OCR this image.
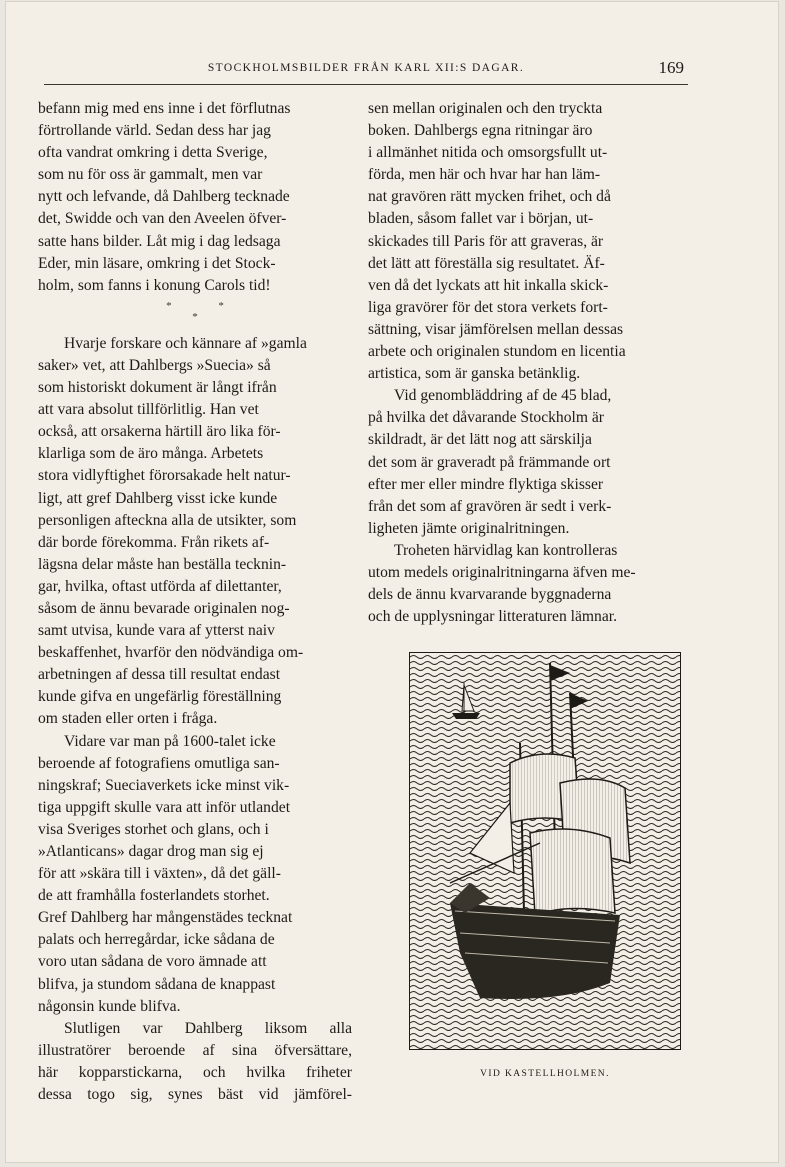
STOCKHOLMSBILDER FRÅN KARL XII:S DAGAR.	169

befann mig med ens inne i det förflutnas
förtrollande värld. Sedan dess har jag
ofta vandrat omkring i detta Sverige,
som nu för oss är gammalt, men var
nytt och lefvande, då Dahlberg tecknade
det, Swidde och van den Aveelen öfver-
satte hans bilder. Låt mig i dag ledsaga
Eder, min läsare, omkring i det Stock-
holm, som fanns i konung Carols tid!

* *
*

Hvarje forskare och kännare af »gamla
saker» vet, att Dahlbergs »Suecia» så
som historiskt dokument är långt ifrån
att vara absolut tillförlitlig. Han vet
också, att orsakerna härtill äro lika för-
klarliga som de äro många. Arbetets
stora vidlyftighet förorsakade helt natur-
ligt, att gref Dahlberg visst icke kunde
personligen afteckna alla de utsikter, som
där borde förekomma. Från rikets af-
lägsna delar måste han beställa tecknin-
gar, hvilka, oftast utförda af dilettanter,
såsom de ännu bevarade originalen nog-
samt utvisa, kunde vara af ytterst naiv
beskaffenhet, hvarför den nödvändiga om-
arbetningen af dessa till resultat endast
kunde gifva en ungefärlig föreställning
om staden eller orten i fråga.

Vidare var man på 1600-talet icke
beroende af fotografiens omutliga san-
ningskraf; Sueciaverkets icke minst vik-
tiga uppgift skulle vara att inför utlandet
visa Sveriges storhet och glans, och i
»Atlanticans» dagar drog man sig ej
för att »skära till i växten», då det gäll-
de att framhålla fosterlandets storhet.
Gref Dahlberg har mångenstädes tecknat
palats och herregårdar, icke sådana de
voro utan sådana de voro ämnade att
blifva, ja stundom sådana de knappast
någonsin kunde blifva.

Slutligen var Dahlberg liksom alla
illustratörer beroende af sina öfversättare,
här kopparstickarna, och hvilka friheter
dessa togo sig, synes bäst vid jämförel-

sen mellan originalen och den tryckta
boken. Dahlbergs egna ritningar äro
i allmänhet nitida och omsorgsfullt ut-
förda, men här och hvar har han läm-
nat gravören rätt mycken frihet, och då
bladen, såsom fallet var i början, ut-
skickades till Paris för att graveras, är
det lätt att föreställa sig resultatet. Äf-
ven då det lyckats att hit inkalla skick-
liga gravörer för det stora verkets fort-
sättning, visar jämförelsen mellan dessas
arbete och originalen stundom en licentia
artistica, som är ganska betänklig.

Vid genombläddring af de 45 blad,
på hvilka det dåvarande Stockholm är
skildradt, är det lätt nog att särskilja
det som är graveradt på främmande ort
efter mer eller mindre flyktiga skisser
från det som af gravören är sedt i verk-
ligheten jämte originalritningen.

Troheten härvidlag kan kontrolleras
utom medels originalritningarna äfven me-
dels de ännu kvarvarande byggnaderna
och de upplysningar litteraturen lämnar.

VID KASTELLHOLMEN.
